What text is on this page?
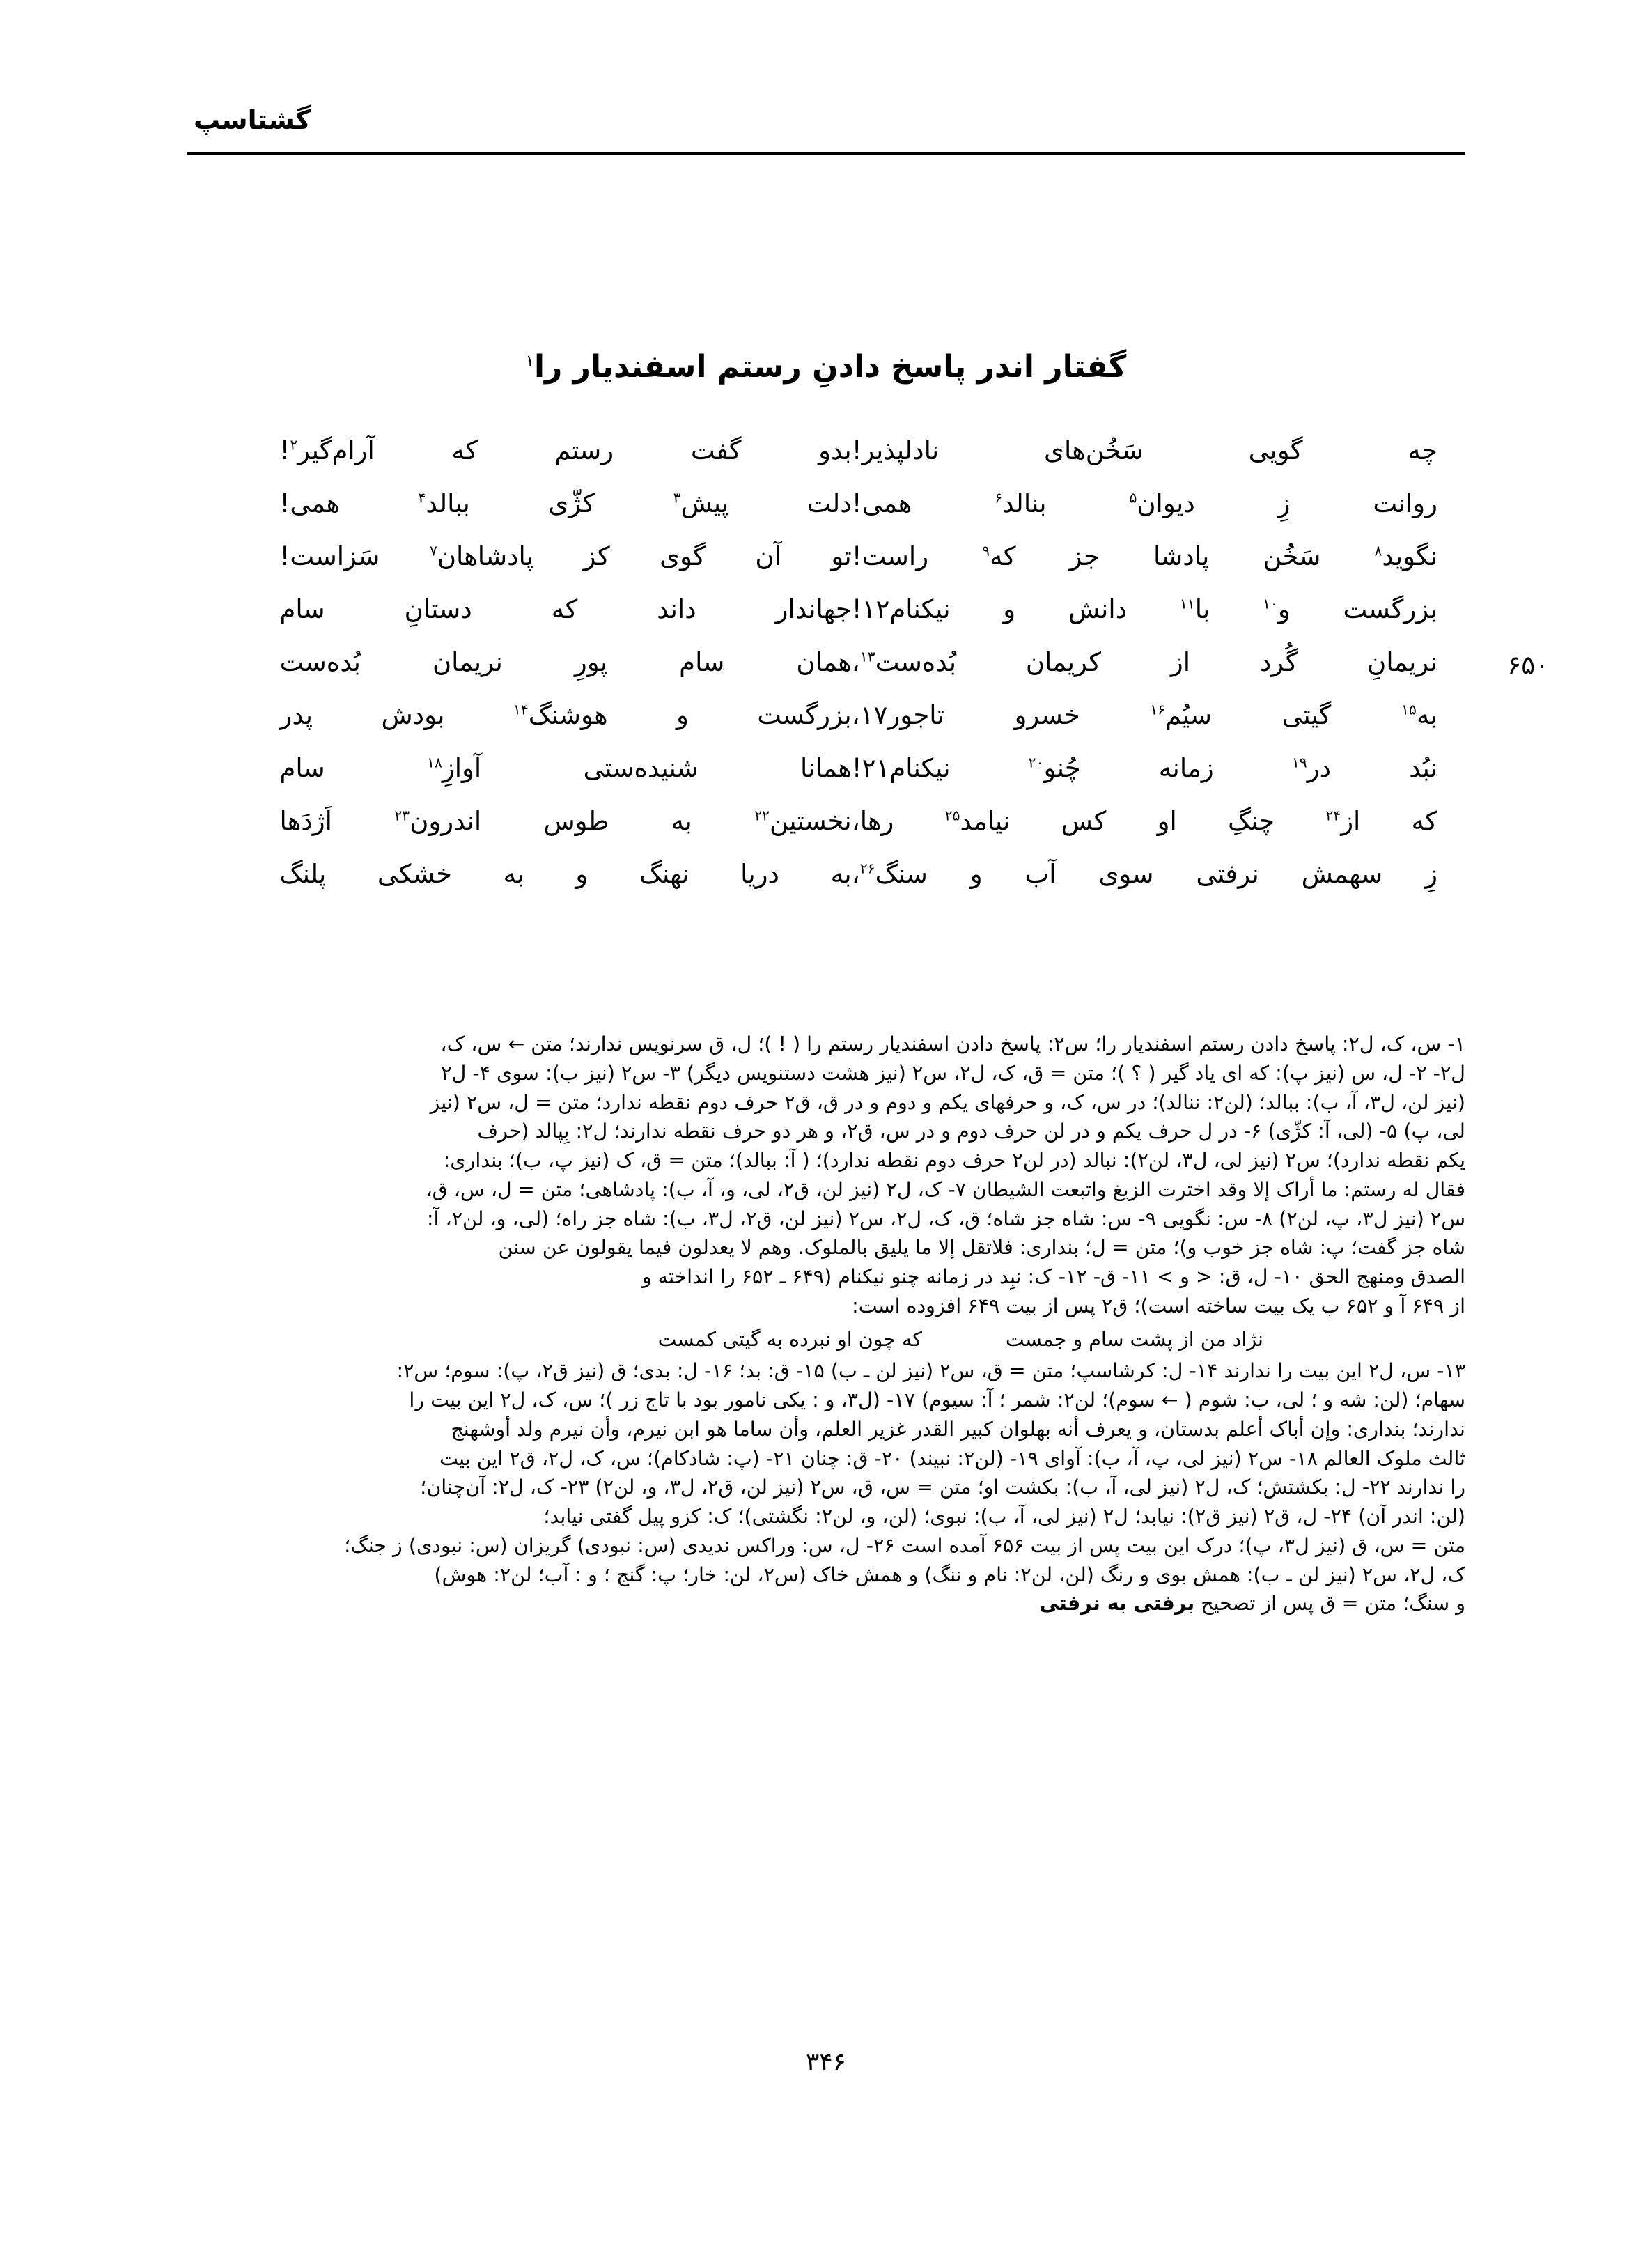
گشتاسپ
گفتار اندر پاسخ دادنِ رستم اسفندیار را$^۱$
چه
گویی
سَخُن‌های
نادلپذیر!
بدو
گفت
رستم
که
آرام‌گیر$^۲$!
روانت
زِ
دیوان$^۵$
بنالد$^۶$
همی!
دلت
پیش$^۳$
کژّی
ببالد$^۴$
همی!
نگوید$^۸$
سَخُن
پادشا
جز
که$^۹$
راست!
تو
آن
گوی
کز
پادشاهان$^۷$
سَزاست!
بزرگست
و$^{۱۰}$
با$^{۱۱}$
دانش
و
نیکنام۱۲!
جهاندار
داند
که
دستانِ
سام
۶۵۰
نریمانِ
گُرد
از
کریمان
بُده‌ست$^{۱۳}$،
همان
سام
پورِ
نریمان
بُده‌ست
به$^{۱۵}$
گیتی
سیُم$^{۱۶}$
خسرو
تاجور۱۷،
بزرگست
و
هوشنگ$^{۱۴}$
بودش
پدر
نبُد
در$^{۱۹}$
زمانه
چُنو$^{۲۰}$
نیکنام۲۱!
همانا
شنیده‌ستی
آوازِ$^{۱۸}$
سام
که
از$^{۲۴}$
چنگِ
او
کس
نیامد$^{۲۵}$
رها،
نخستین$^{۲۲}$
به
طوس
اندرون$^{۲۳}$
اَژدَها
زِ
سهمش
نرفتی
سوی
آب
و
سنگ$^{۲۶}$،
به
دریا
نهنگ
و
به
خشکی
پلنگ
۱- س، ک، ل۲: پاسخ دادن رستم اسفندیار را؛ س۲: پاسخ دادن اسفندیار رستم را ( ! )؛ ل، ق سرنویس ندارند؛ متن ← س، ک،
ل۲- ۲- ل، س (نیز پ): که ای یاد گیر ( ؟ )؛ متن = ق، ک، ل۲، س۲ (نیز هشت دستنویس دیگر) ۳- س۲ (نیز ب): سوی ۴- ل۲
(نیز لن، ل۳، آ، ب): ببالد؛ (لن۲: ننالد)؛ در س، ک، و حرفهای یکم و دوم و در ق، ق۲ حرف دوم نقطه ندارد؛ متن = ل، س۲ (نیز
لی، پ) ۵- (لی، آ: کژّی) ۶- در ل حرف یکم و در لن حرف دوم و در س، ق۲، و هر دو حرف نقطه ندارند؛ ل۲: بِپالد (حرف
یکم نقطه ندارد)؛ س۲ (نیز لی، ل۳، لن۲): نبالد (در لن۲ حرف دوم نقطه ندارد)؛ ( آ: ببالد)؛ متن = ق، ک (نیز پ، ب)؛ بنداری:
فقال له رستم: ما أراک إلا وقد اخترت الزیغ واتبعت الشیطان ۷- ک، ل۲ (نیز لن، ق۲، لی، و، آ، ب): پادشاهی؛ متن = ل، س، ق،
س۲ (نیز ل۳، پ، لن۲) ۸- س: نگویی ۹- س: شاه جز شاه؛ ق، ک، ل۲، س۲ (نیز لن، ق۲، ل۳، ب): شاه جز راه؛ (لی، و، لن۲، آ:
شاه جز گفت؛ پ: شاه جز خوب و)؛ متن = ل؛ بنداری: فلاتقل إلا ما یلیق بالملوک. وهم لا یعدلون فیما یقولون عن سنن
الصدق ومنهج الحق ۱۰- ل، ق: < و > ۱۱- ق- ۱۲- ک: نبِد در زمانه چنو نیکنام (۶۴۹ ـ ۶۵۲ را انداخته و
از ۶۴۹ آ و ۶۵۲ ب یک بیت ساخته است)؛ ق۲ پس از بیت ۶۴۹ افزوده است:
نژاد من از پشت سام و جمست
که چون او نبرده به گیتی کمست
۱۳- س، ل۲ این بیت را ندارند ۱۴- ل: کرشاسپ؛ متن = ق، س۲ (نیز لن ـ ب) ۱۵- ق: بد؛ ۱۶- ل: بدی؛ ق (نیز ق۲، پ): سوم؛ س۲:
سهام؛ (لن: شه و ؛ لی، ب: شوم ( ← سوم)؛ لن۲: شمر ؛ آ: سیوم) ۱۷- (ل۳، و : یکی نامور بود با تاج زر )؛ س، ک، ل۲ این بیت را
ندارند؛ بنداری: وإن أباک أعلم بدستان، و یعرف أنه بهلوان کبیر القدر غزیر العلم، وأن ساما هو ابن نیرم، وأن نیرم ولد أوشهنج
ثالث ملوک العالم ۱۸- س۲ (نیز لی، پ، آ، ب): آوای ۱۹- (لن۲: نبیند) ۲۰- ق: چنان ۲۱- (پ: شادکام)؛ س، ک، ل۲، ق۲ این بیت
را ندارند ۲۲- ل: بکشتش؛ ک، ل۲ (نیز لی، آ، ب): بکشت او؛ متن = س، ق، س۲ (نیز لن، ق۲، ل۳، و، لن۲) ۲۳- ک، ل۲: آن‌چنان؛
(لن: اندر آن) ۲۴- ل، ق۲ (نیز ق۲): نیابد؛ ل۲ (نیز لی، آ، ب): نبوی؛ (لن، و، لن۲: نگشتی)؛ ک: کزو پیل گفتی نیابد؛
متن = س، ق (نیز ل۳، پ)؛ درک این بیت پس از بیت ۶۵۶ آمده است ۲۶- ل، س: وراکس ندیدی (س: نبودی) گریزان (س: نبودی) ز جنگ؛
ک، ل۲، س۲ (نیز لن ـ ب): همش بوی و رنگ (لن، لن۲: نام و ننگ) و همش خاک (س۲، لن: خار؛ پ: گنج ؛ و : آب؛ لن۲: هوش)
و سنگ؛ متن = ق پس از تصحیح برفتی به نرفتی
۳۴۶
